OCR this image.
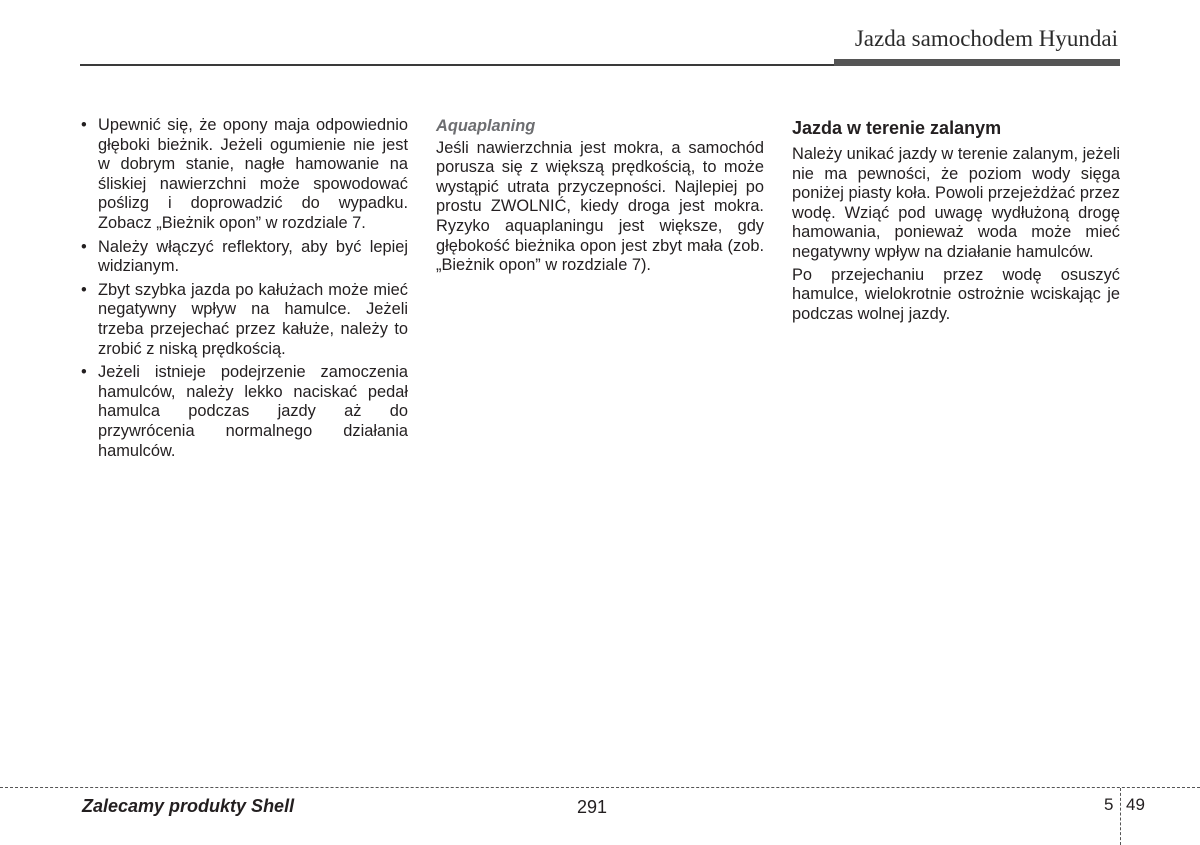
Jazda samochodem Hyundai
• Upewnić się, że opony maja odpowiednio głęboki bieżnik. Jeżeli ogumienie nie jest w dobrym stanie, nagłe hamowanie na śliskiej nawierzchni może spowodować poślizg i doprowadzić do wypadku. Zobacz „Bieżnik opon” w rozdziale 7.
• Należy włączyć reflektory, aby być lepiej widzianym.
• Zbyt szybka jazda po kałużach może mieć negatywny wpływ na hamulce. Jeżeli trzeba przejechać przez kałuże, należy to zrobić z niską prędkością.
• Jeżeli istnieje podejrzenie zamoczenia hamulców, należy lekko naciskać pedał hamulca podczas jazdy aż do przywrócenia normalnego działania hamulców.
Aquaplaning

Jeśli nawierzchnia jest mokra, a samochód porusza się z większą prędkością, to może wystąpić utrata przyczepności. Najlepiej po prostu ZWOLNIĆ, kiedy droga jest mokra. Ryzyko aquaplaningu jest większe, gdy głębokość bieżnika opon jest zbyt mała (zob. „Bieżnik opon” w rozdziale 7).

Jazda w terenie zalanym

Należy unikać jazdy w terenie zalanym, jeżeli nie ma pewności, że poziom wody sięga poniżej piasty koła. Powoli przejeżdżać przez wodę. Wziąć pod uwagę wydłużoną drogę hamowania, ponieważ woda może mieć negatywny wpływ na działanie hamulców.

Po przejechaniu przez wodę osuszyć hamulce, wielokrotnie ostrożnie wciskając je podczas wolnej jazdy.

Zalecamy produkty Shell	291	5 49
